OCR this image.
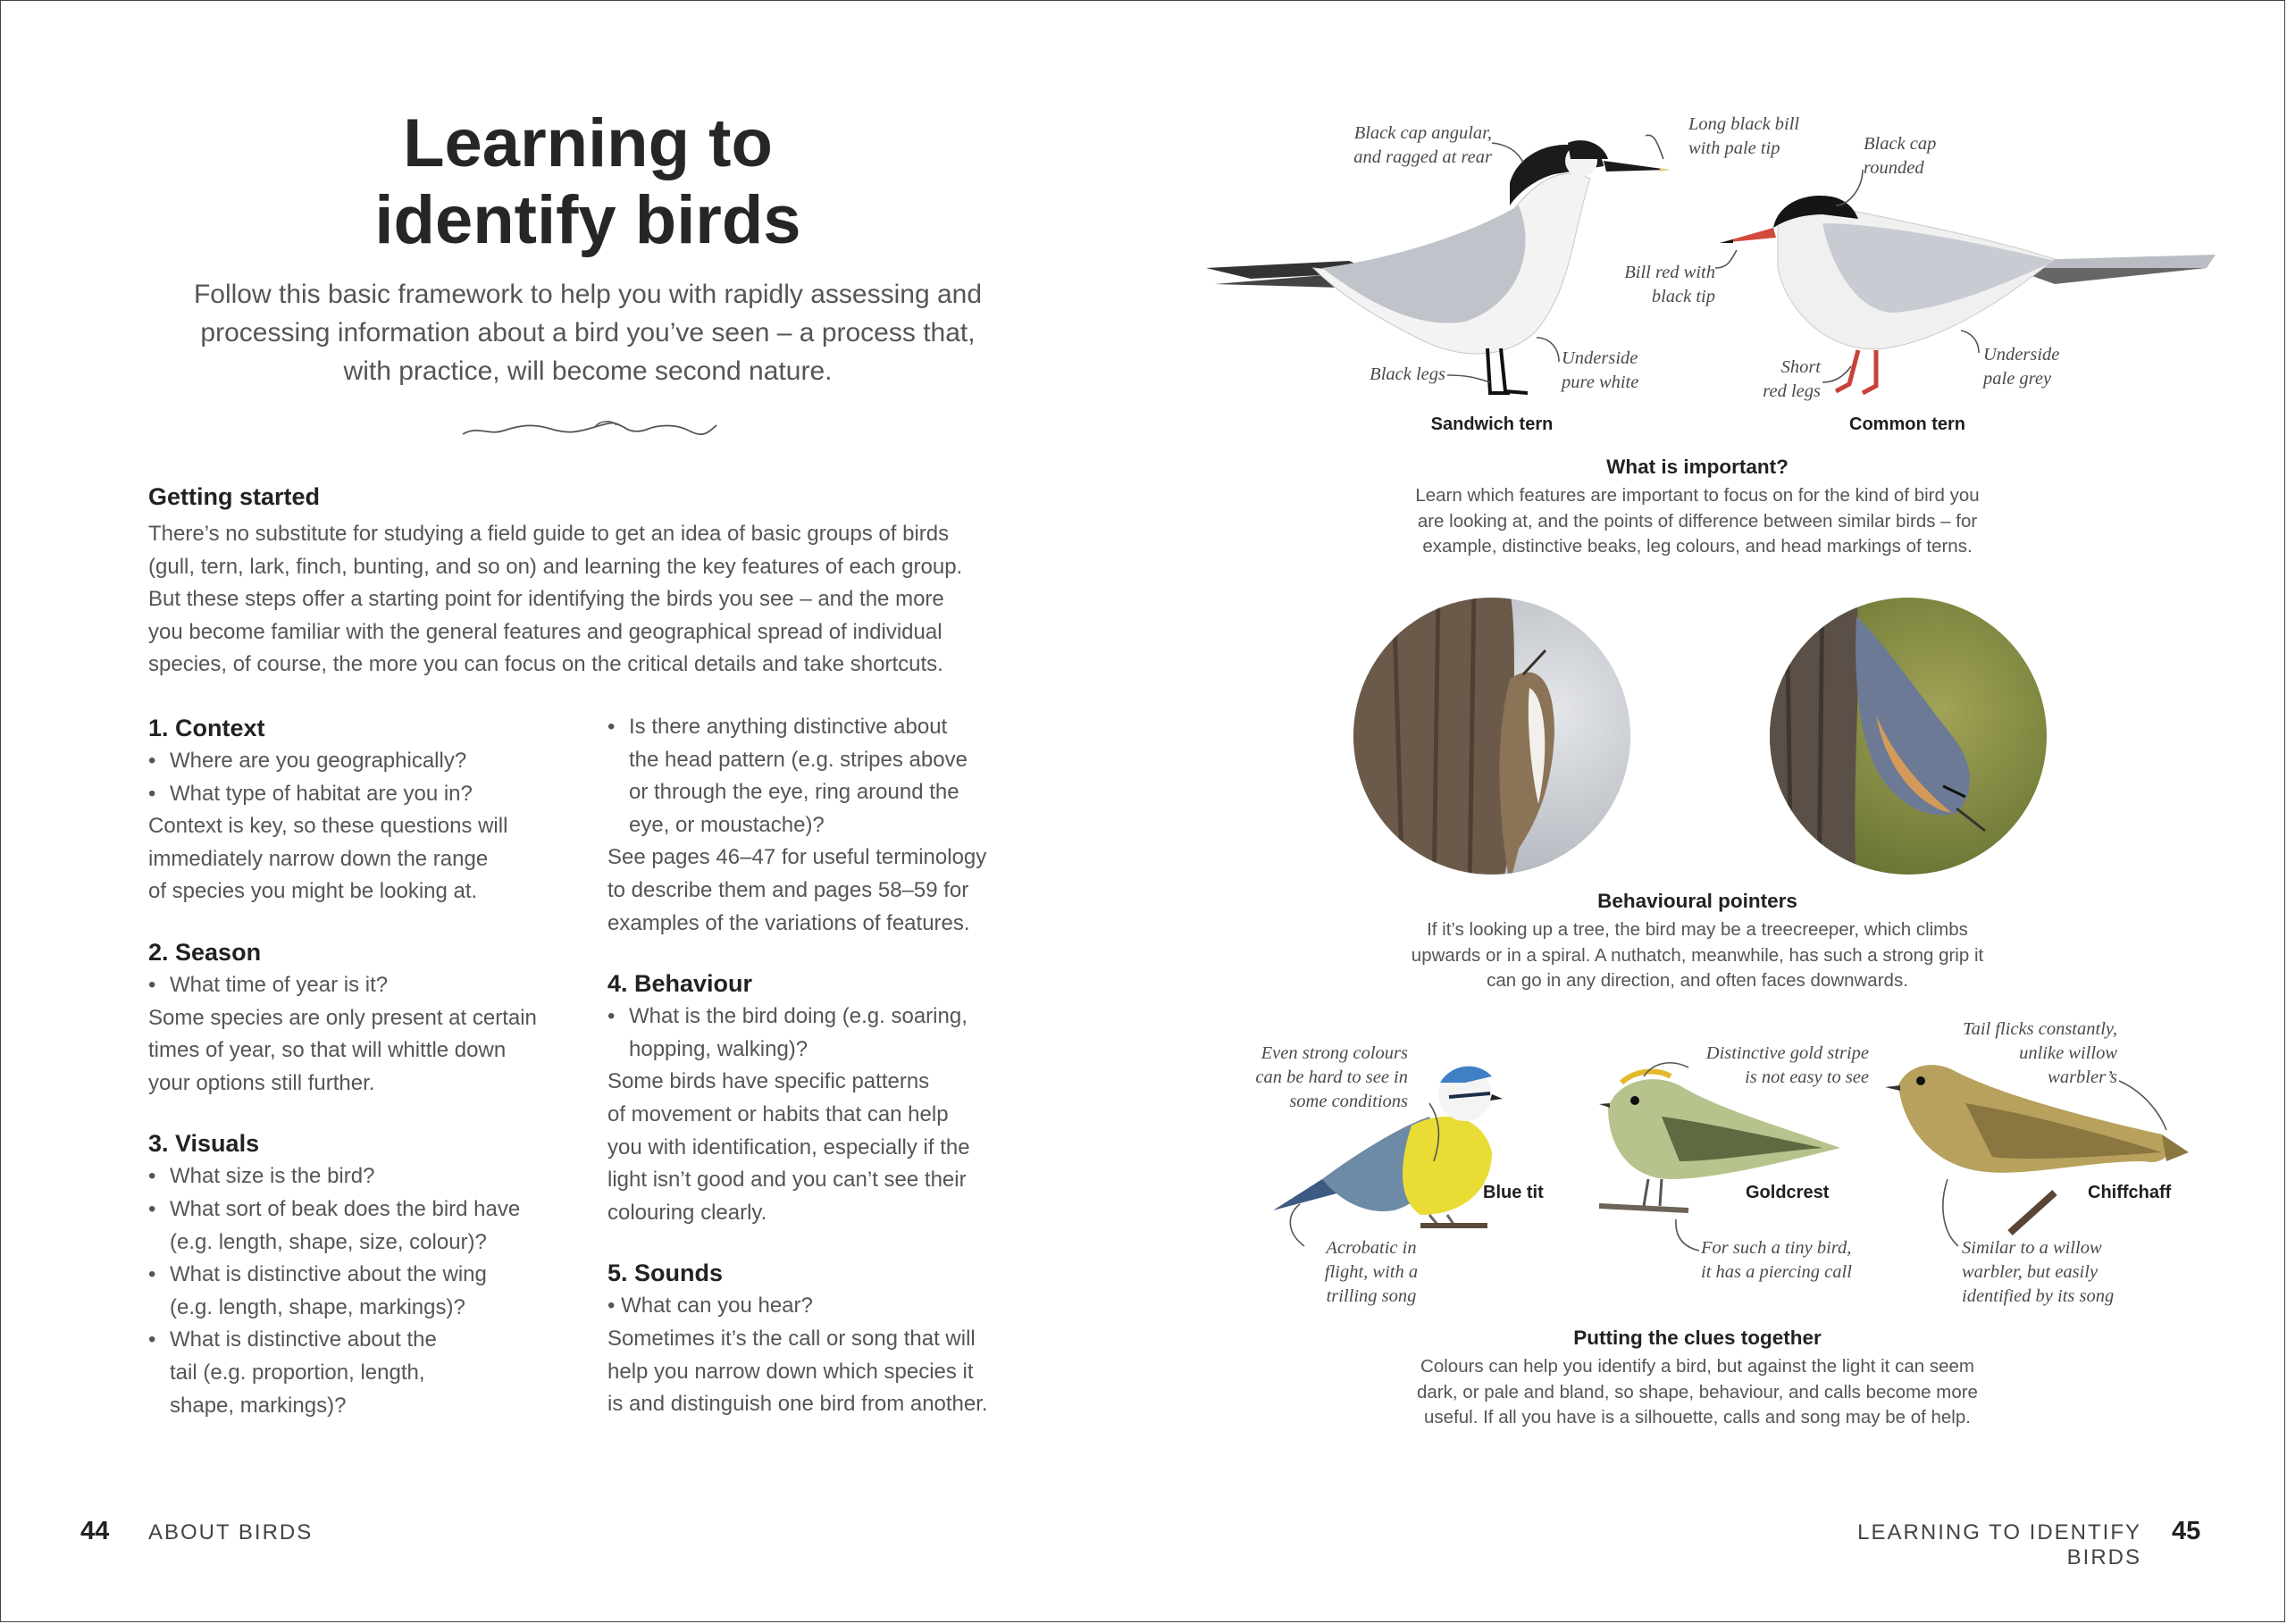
Learning to
identify birds
Follow this basic framework to help you with rapidly assessing and
processing information about a bird you’ve seen – a process that,
with practice, will become second nature.
Getting started
There’s no substitute for studying a field guide to get an idea of basic groups of birds
(gull, tern, lark, finch, bunting, and so on) and learning the key features of each group.
But these steps offer a starting point for identifying the birds you see – and the more
you become familiar with the general features and geographical spread of individual
species, of course, the more you can focus on the critical details and take shortcuts.
1. Context
• Where are you geographically?
• What type of habitat are you in?
Context is key, so these questions will
immediately narrow down the range
of species you might be looking at.
2. Season
• What time of year is it?
Some species are only present at certain
times of year, so that will whittle down
your options still further.
3. Visuals
• What size is the bird?
• What sort of beak does the bird have
(e.g. length, shape, size, colour)?
• What is distinctive about the wing
(e.g. length, shape, markings)?
• What is distinctive about the
tail (e.g. proportion, length,
shape, markings)?
• Is there anything distinctive about
the head pattern (e.g. stripes above
or through the eye, ring around the
eye, or moustache)?
See pages 46–47 for useful terminology
to describe them and pages 58–59 for
examples of the variations of features.
4. Behaviour
• What is the bird doing (e.g. soaring,
hopping, walking)?
Some birds have specific patterns
of movement or habits that can help
you with identification, especially if the
light isn’t good and you can’t see their
colouring clearly.
5. Sounds
• What can you hear?
Sometimes it’s the call or song that will
help you narrow down which species it
is and distinguish one bird from another.
44 ABOUT BIRDS
Black cap angular,
and ragged at rear
Long black bill
with pale tip	Black cap
rounded
Bill red with
black tip
Black legs
Underside
pure white
Short
red legs
Underside
pale grey
Sandwich tern	Common tern
What is important?
Learn which features are important to focus on for the kind of bird you
are looking at, and the points of difference between similar birds – for
example, distinctive beaks, leg colours, and head markings of terns.
Behavioural pointers
If it’s looking up a tree, the bird may be a treecreeper, which climbs
upwards or in a spiral. A nuthatch, meanwhile, has such a strong grip it
can go in any direction, and often faces downwards.
Even strong colours
can be hard to see in
some conditions
Distinctive gold stripe
is not easy to see
Tail flicks constantly,
unlike willow
warbler’s
Blue tit	Goldcrest	Chiffchaff
Acrobatic in
flight, with a
trilling song
For such a tiny bird,
it has a piercing call
Similar to a willow
warbler, but easily
identified by its song
Putting the clues together
Colours can help you identify a bird, but against the light it can seem
dark, or pale and bland, so shape, behaviour, and calls become more
useful. If all you have is a silhouette, calls and song may be of help.
LEARNING TO IDENTIFY BIRDS
45
